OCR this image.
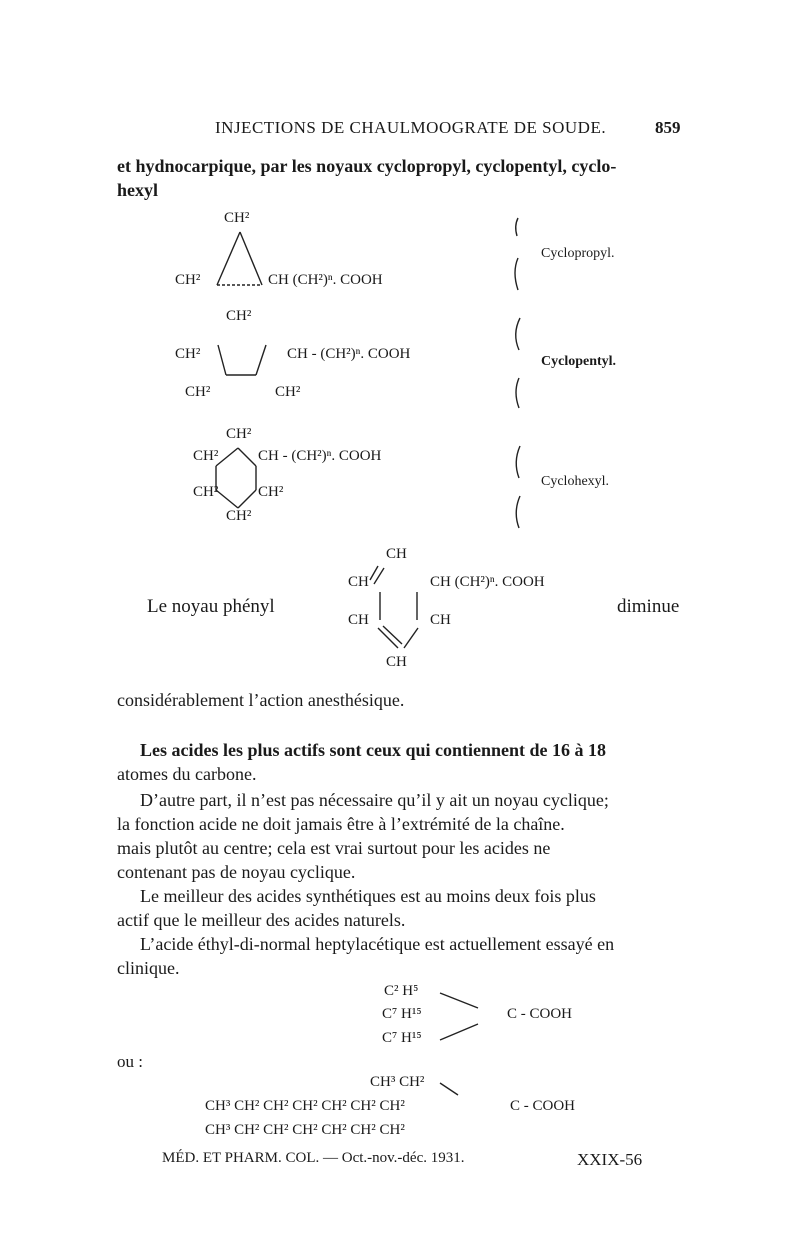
INJECTIONS DE CHAULMOOGRATE DE SOUDE.	859
et hydnocarpique, par les noyaux cyclopropyl, cyclopentyl, cyclo-
hexyl
CH²
CH²	CH (CH²)ⁿ. COOH
Cyclopropyl.
CH²
CH²	CH - (CH²)ⁿ. COOH
CH²	CH²
Cyclopentyl.
CH²
CH²	CH - (CH²)ⁿ. COOH
CH²	CH²
CH²
Cyclohexyl.
CH
CH	CH (CH²)ⁿ. COOH
CH	CH
CH
Le noyau phényl	diminue
considérablement l’action anesthésique.
Les acides les plus actifs sont ceux qui contiennent de 16 à 18
atomes du carbone.
D’autre part, il n’est pas nécessaire qu’il y ait un noyau cyclique;
la fonction acide ne doit jamais être à l’extrémité de la chaîne.
mais plutôt au centre; cela est vrai surtout pour les acides ne
contenant pas de noyau cyclique.
Le meilleur des acides synthétiques est au moins deux fois plus
actif que le meilleur des acides naturels.
L’acide éthyl-di-normal heptylacétique est actuellement essayé en
clinique.
C² H⁵
C⁷ H¹⁵
C⁷ H¹⁵
C - COOH
ou :
CH³ CH²
CH³ CH² CH² CH² CH² CH² CH²
CH³ CH² CH² CH² CH² CH² CH²
C - COOH
MÉD. ET PHARM. COL. — Oct.-nov.-déc. 1931.	XXIX-56
